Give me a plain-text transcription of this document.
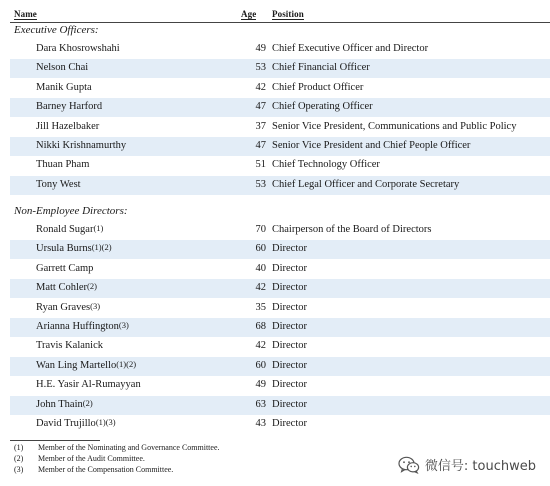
Name	Age Position
Executive Officers:
Dara Khosrowshahi	49 Chief Executive Officer and Director
Nelson Chai	53 Chief Financial Officer
Manik Gupta	42 Chief Product Officer
Barney Harford	47 Chief Operating Officer
Jill Hazelbaker	37 Senior Vice President, Communications and Public Policy
Nikki Krishnamurthy	47 Senior Vice President and Chief People Officer
Thuan Pham	51 Chief Technology Officer
Tony West	53 Chief Legal Officer and Corporate Secretary
Non-Employee Directors:
Ronald Sugar$^{(1)}$	70 Chairperson of the Board of Directors
Ursula Burns$^{(1)(2)}$	60 Director
Garrett Camp	40 Director
Matt Cohler$^{(2)}$	42 Director
Ryan Graves$^{(3)}$	35 Director
Arianna Huffington$^{(3)}$	68 Director
Travis Kalanick	42 Director
Wan Ling Martello$^{(1)(2)}$	60 Director
H.E. Yasir Al-Rumayyan	49 Director
John Thain$^{(2)}$	63 Director
David Trujillo$^{(1)(3)}$	43 Director
(1) Member of the Nominating and Governance Committee.
(2) Member of the Audit Committee.
(3) Member of the Compensation Committee.	微信号: touchweb
